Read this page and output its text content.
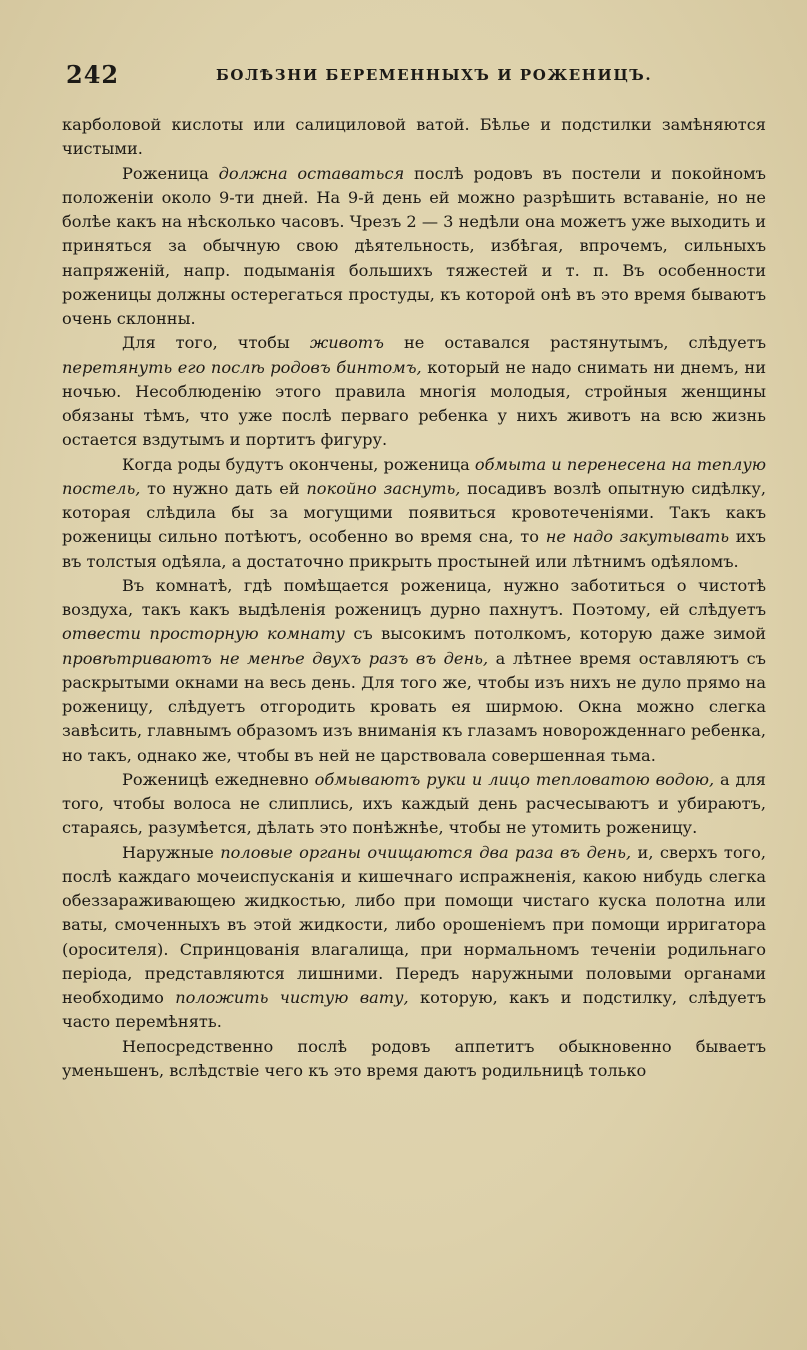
242	БОЛѢЗНИ БЕРЕМЕННЫХЪ И РОЖЕНИЦЪ.

карболовой кислоты или салициловой ватой. Бѣлье и подстилки замѣняются чистыми.

Роженица должна оставаться послѣ родовъ въ постели и покойномъ положеніи около 9-ти дней. На 9-й день ей можно разрѣшить вставаніе, но не болѣе какъ на нѣсколько часовъ. Чрезъ 2 — 3 недѣли она можетъ уже выходить и приняться за обычную свою дѣятельность, избѣгая, впрочемъ, сильныхъ напряженій, напр. подыманія большихъ тяжестей и т. п. Въ особенности роженицы должны остерегаться простуды, къ которой онѣ въ это время бываютъ очень склонны.

Для того, чтобы животъ не оставался растянутымъ, слѣдуетъ перетянуть его послѣ родовъ бинтомъ, который не надо снимать ни днемъ, ни ночью. Несоблюденію этого правила многія молодыя, стройныя женщины обязаны тѣмъ, что уже послѣ перваго ребенка у нихъ животъ на всю жизнь остается вздутымъ и портитъ фигуру.

Когда роды будутъ окончены, роженица обмыта и перенесена на теплую постель, то нужно дать ей покойно заснуть, посадивъ возлѣ опытную сидѣлку, которая слѣдила бы за могущими появиться кровотеченіями. Такъ какъ роженицы сильно потѣютъ, особенно во время сна, то не надо закутывать ихъ въ толстыя одѣяла, а достаточно прикрыть простыней или лѣтнимъ одѣяломъ.

Въ комнатѣ, гдѣ помѣщается роженица, нужно заботиться о чистотѣ воздуха, такъ какъ выдѣленія роженицъ дурно пахнутъ. Поэтому, ей слѣдуетъ отвести просторную комнату съ высокимъ потолкомъ, которую даже зимой провѣтриваютъ не менѣе двухъ разъ въ день, а лѣтнее время оставляютъ съ раскрытыми окнами на весь день. Для того же, чтобы изъ нихъ не дуло прямо на роженицу, слѣдуетъ отгородить кровать ея ширмою. Окна можно слегка завѣсить, главнымъ образомъ изъ вниманія къ глазамъ новорожденнаго ребенка, но такъ, однако же, чтобы въ ней не царствовала совершенная тьма.

Роженицѣ ежедневно обмываютъ руки и лицо тепловатою водою, а для того, чтобы волоса не слиплись, ихъ каждый день расчесываютъ и убираютъ, стараясь, разумѣется, дѣлать это понѣжнѣе, чтобы не утомить роженицу.

Наружные половые органы очищаются два раза въ день, и, сверхъ того, послѣ каждаго мочеиспусканія и кишечнаго испражненія, какою нибудь слегка обеззараживающею жидкостью, либо при помощи чистаго куска полотна или ваты, смоченныхъ въ этой жидкости, либо орошеніемъ при помощи ирригатора (оросителя). Спринцованія влагалища, при нормальномъ теченіи родильнаго періода, представляются лишними. Передъ наружными половыми органами необходимо положить чистую вату, которую, какъ и подстилку, слѣдуетъ часто перемѣнять.

Непосредственно послѣ родовъ аппетитъ обыкновенно бываетъ уменьшенъ, вслѣдствіе чего къ это время даютъ родильницѣ только
